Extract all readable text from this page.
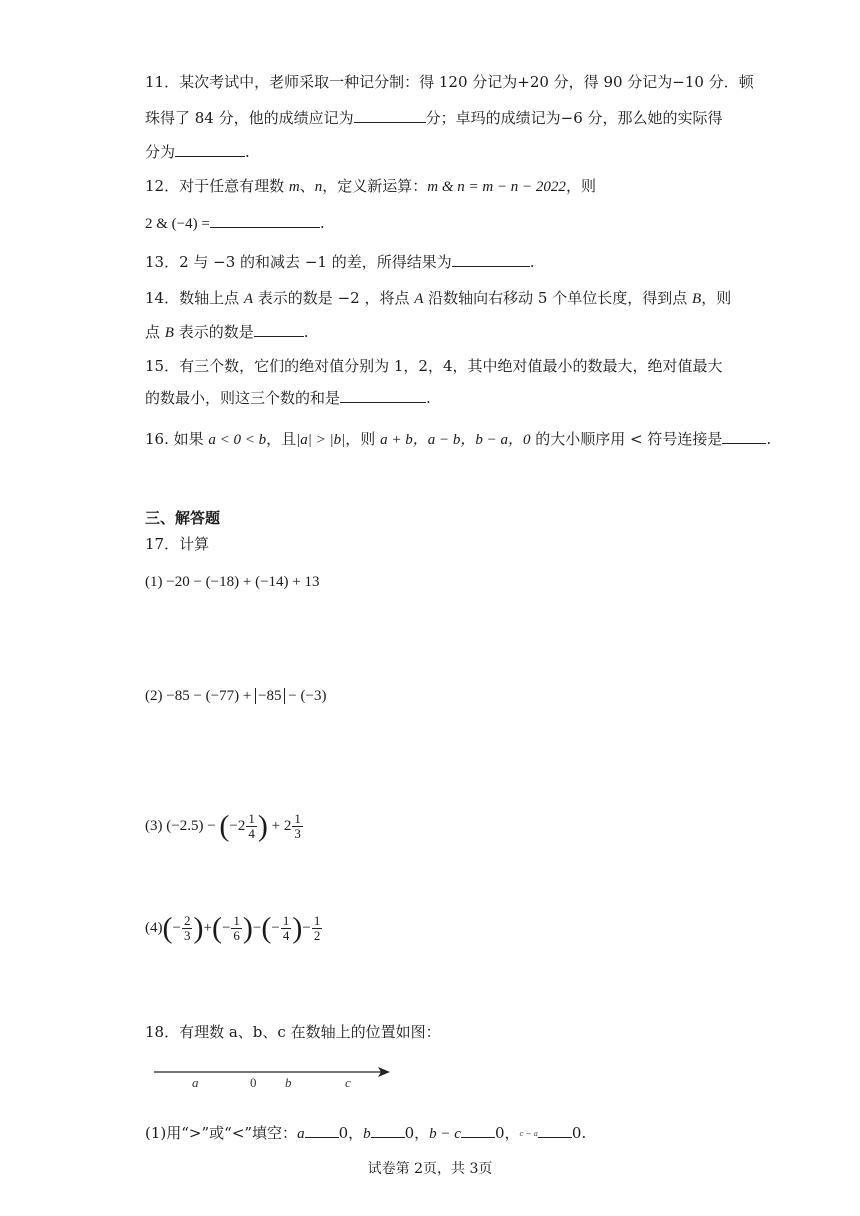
11．某次考试中，老师采取一种记分制：得 120 分记为+20 分，得 90 分记为−10 分．顿
珠得了 84 分，他的成绩应记为	分；卓玛的成绩记为−6 分，那么她的实际得
分为	.
12．对于任意有理数 m、n，定义新运算：m & n = m − n − 2022，则
2 & (−4) =	.
13．2 与 −3 的和减去 −1 的差，所得结果为	.
14．数轴上点 A 表示的数是 −2 ，将点 A 沿数轴向右移动 5 个单位长度，得到点 B，则
点 B 表示的数是	.
15．有三个数，它们的绝对值分别为 1，2，4，其中绝对值最小的数最大，绝对值最大
的数最小，则这三个数的和是	.
16. 如果 a < 0 < b，且|a| > |b|，则 a + b，a − b，b − a，0 的大小顺序用 < 符号连接是	.
三、解答题
17．计算
(1) −20 − (−18) + (−14) + 13
(2) −85 − (−77) + −85 − (−3)
(3) $(-2.5) - (-2 \frac{1}{4}$ ) + $2 \frac{1}{3}$
$(4)(- \frac{2}{3}$ )+(− $\frac{1}{6}$ )−(− $\frac{1}{4}$ )− $\frac{1}{2}$
18．有理数 a、b、c 在数轴上的位置如图：
a	0 b	c
(1)用“>”或“<”填空：a 0，b 0，b − c 0，c − a 0.
试卷第 2页，共 3页
